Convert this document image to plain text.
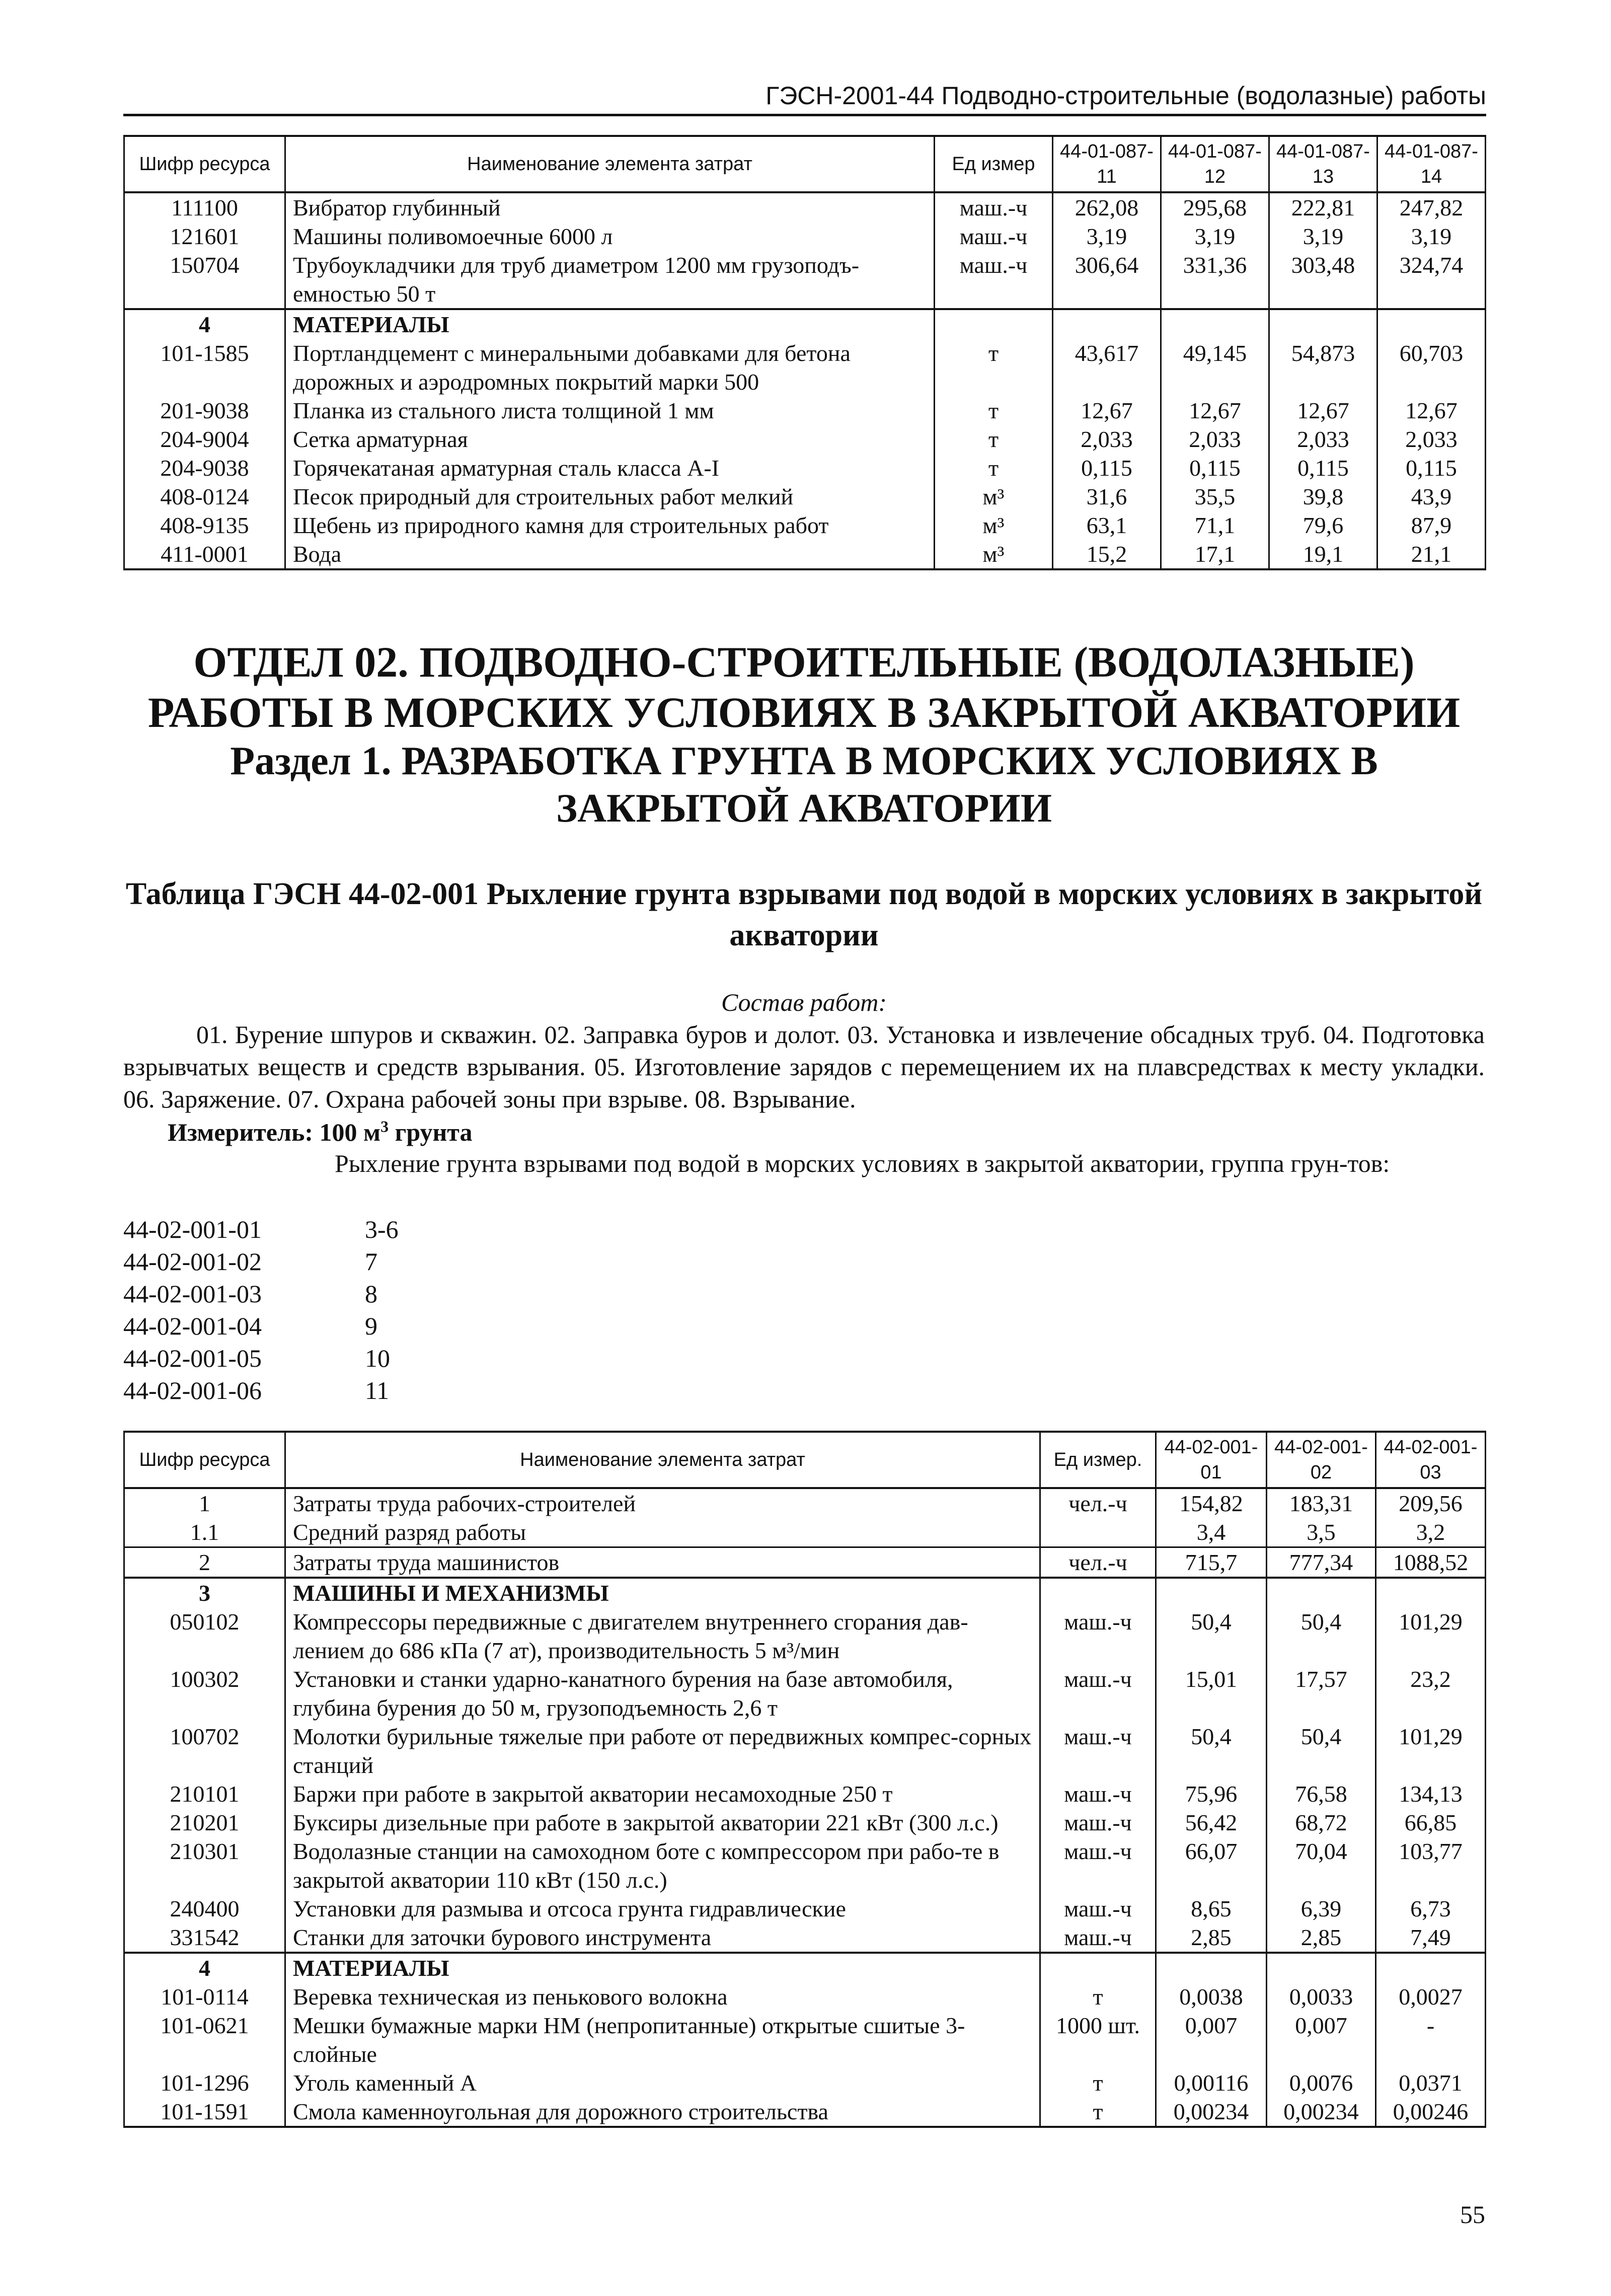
ГЭСН-2001-44 Подводно-строительные (водолазные) работы
Шифр ресурса	Наименование элемента затрат	Ед измер	44-01-087-11	44-01-087-12	44-01-087-13	44-01-087-14
111100	Вибратор глубинный	маш.-ч	262,08	295,68	222,81	247,82
121601	Машины поливомоечные 6000 л	маш.-ч	3,19	3,19	3,19	3,19
150704	Трубоукладчики для труб диаметром 1200 мм грузоподъ-емностью 50 т	маш.-ч	306,64	331,36	303,48	324,74
4	МАТЕРИАЛЫ					
101-1585	Портландцемент с минеральными добавками для бетона дорожных и аэродромных покрытий марки 500	т	43,617	49,145	54,873	60,703
201-9038	Планка из стального листа толщиной 1 мм	т	12,67	12,67	12,67	12,67
204-9004	Сетка арматурная	т	2,033	2,033	2,033	2,033
204-9038	Горячекатаная арматурная сталь класса А-I	т	0,115	0,115	0,115	0,115
408-0124	Песок природный для строительных работ мелкий	м³	31,6	35,5	39,8	43,9
408-9135	Щебень из природного камня для строительных работ	м³	63,1	71,1	79,6	87,9
411-0001	Вода	м³	15,2	17,1	19,1	21,1
ОТДЕЛ 02. ПОДВОДНО-СТРОИТЕЛЬНЫЕ (ВОДОЛАЗНЫЕ) РАБОТЫ В МОРСКИХ УСЛОВИЯХ В ЗАКРЫТОЙ АКВАТОРИИ
Раздел 1. РАЗРАБОТКА ГРУНТА В МОРСКИХ УСЛОВИЯХ В ЗАКРЫТОЙ АКВАТОРИИ
Таблица ГЭСН 44-02-001 Рыхление грунта взрывами под водой в морских условиях в закрытой акватории
Состав работ:
01. Бурение шпуров и скважин. 02. Заправка буров и долот. 03. Установка и извлечение обсадных труб. 04. Подготовка взрывчатых веществ и средств взрывания. 05. Изготовление зарядов с перемещением их на плавсредствах к месту укладки. 06. Заряжение. 07. Охрана рабочей зоны при взрыве. 08. Взрывание.
Измеритель: 100 $м^3$ грунта
Рыхление грунта взрывами под водой в морских условиях в закрытой акватории, группа грун-тов:
44-02-001-01	3-6
44-02-001-02	7
44-02-001-03	8
44-02-001-04	9
44-02-001-05	10
44-02-001-06	11
Шифр ресурса	Наименование элемента затрат	Ед измер.	44-02-001-01	44-02-001-02	44-02-001-03
1	Затраты труда рабочих-строителей	чел.-ч	154,82	183,31	209,56
1.1	Средний разряд работы		3,4	3,5	3,2
2	Затраты труда машинистов	чел.-ч	715,7	777,34	1088,52
3	МАШИНЫ И МЕХАНИЗМЫ				
050102	Компрессоры передвижные с двигателем внутреннего сгорания дав-лением до 686 кПа (7 ат), производительность 5 м³/мин	маш.-ч	50,4	50,4	101,29
100302	Установки и станки ударно-канатного бурения на базе автомобиля, глубина бурения до 50 м, грузоподъемность 2,6 т	маш.-ч	15,01	17,57	23,2
100702	Молотки бурильные тяжелые при работе от передвижных компрес-сорных станций	маш.-ч	50,4	50,4	101,29
210101	Баржи при работе в закрытой акватории несамоходные 250 т	маш.-ч	75,96	76,58	134,13
210201	Буксиры дизельные при работе в закрытой акватории 221 кВт (300 л.с.)	маш.-ч	56,42	68,72	66,85
210301	Водолазные станции на самоходном боте с компрессором при рабо-те в закрытой акватории 110 кВт (150 л.с.)	маш.-ч	66,07	70,04	103,77
240400	Установки для размыва и отсоса грунта гидравлические	маш.-ч	8,65	6,39	6,73
331542	Станки для заточки бурового инструмента	маш.-ч	2,85	2,85	7,49
4	МАТЕРИАЛЫ				
101-0114	Веревка техническая из пенькового волокна	т	0,0038	0,0033	0,0027
101-0621	Мешки бумажные марки НМ (непропитанные) открытые сшитые 3-слойные	1000 шт.	0,007	0,007	-
101-1296	Уголь каменный А	т	0,00116	0,0076	0,0371
101-1591	Смола каменноугольная для дорожного строительства	т	0,00234	0,00234	0,00246
55
